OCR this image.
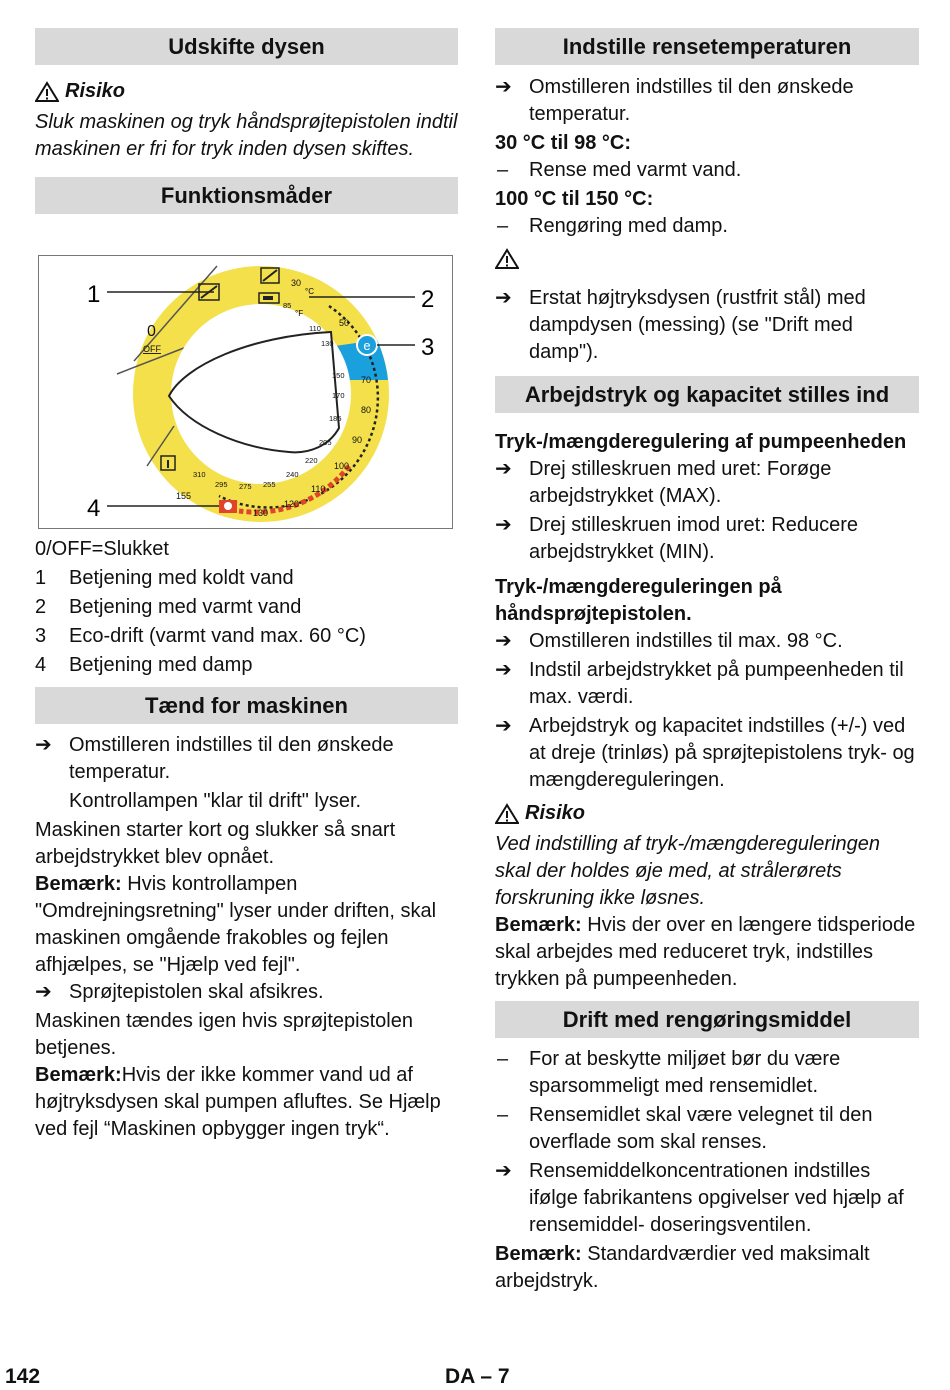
Udskifte dysen
Risiko

Sluk maskinen og tryk håndsprøjtepistolen indtil maskinen er fri for tryk inden dysen skiftes.

Funktionsmåder
e
0
OFF
°C
°F
30
50
70
80
90
100
110
120
130
155
85
110
130
150
170
185
205
220
240
255
275
295
310
1	2
3
4
0/OFF =Slukket
1	Betjening med koldt vand
2	Betjening med varmt vand
3	Eco-drift (varmt vand max. 60 °C)
4	Betjening med damp
Tænd for maskinen
➔ Omstilleren indstilles til den ønskede
temperatur.
Kontrollampen "klar til drift" lyser.

Maskinen starter kort og slukker så snart arbejdstrykket blev opnået.

Bemærk: Hvis kontrollampen "Omdrejningsretning" lyser under driften, skal maskinen omgående frakobles og fejlen afhjælpes, se "Hjælp ved fejl".

➔ Sprøjtepistolen skal afsikres.

Maskinen tændes igen hvis sprøjtepistolen betjenes.

Bemærk:Hvis der ikke kommer vand ud af højtryksdysen skal pumpen afluftes. Se Hjælp ved fejl “Maskinen opbygger ingen tryk“.

Indstille rensetemperaturen
➔ Omstilleren indstilles til den ønskede temperatur.
30 °C til 98 °C:
–	Rense med varmt vand.
100 °C til 150 °C:
–	Rengøring med damp.
➔ Erstat højtryksdysen (rustfrit stål) med dampdysen (messing) (se "Drift med damp").
Arbejdstryk og kapacitet stilles ind
Tryk-/mængderegulering af pumpeenheden
➔ Drej stilleskruen med uret: Forøge arbejdstrykket (MAX).
➔ Drej stilleskruen imod uret: Reducere arbejdstrykket (MIN).
Tryk-/mængdereguleringen på håndsprøjtepistolen.
➔ Omstilleren indstilles til max. 98 °C.
➔ Indstil arbejdstrykket på pumpeenheden til max. værdi.
➔ Arbejdstryk og kapacitet indstilles (+/-) ved at dreje (trinløs) på sprøjtepistolens tryk- og mængdereguleringen.
Risiko

Ved indstilling af tryk-/mængdereguleringen skal der holdes øje med, at strålerørets forskruning ikke løsnes.

Bemærk: Hvis der over en længere tidsperiode skal arbejdes med reduceret tryk, indstilles trykken på pumpeenheden.

Drift med rengøringsmiddel
–	For at beskytte miljøet bør du være sparsommeligt med rensemidlet.
–	Rensemidlet skal være velegnet til den overflade som skal renses.
➔ Rensemiddelkoncentrationen indstilles ifølge fabrikantens opgivelser ved hjælp af rensemiddel- doseringsventilen.

Bemærk: Standardværdier ved maksimalt arbejdstryk.

142	DA – 7
